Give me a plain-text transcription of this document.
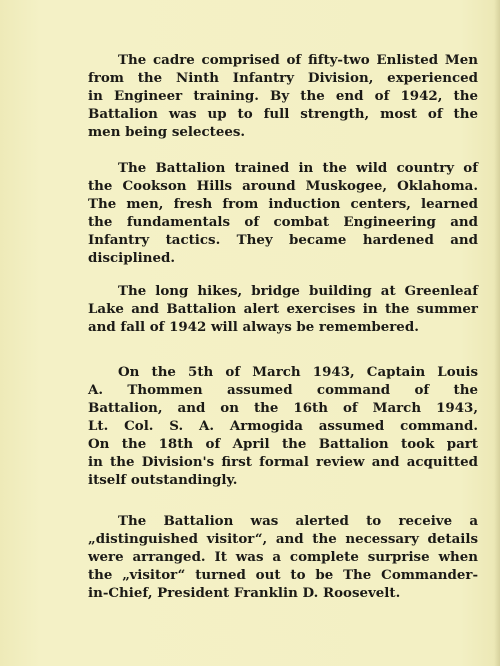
The cadre comprised of fifty-two Enlisted Men
from the Ninth Infantry Division, experienced
in Engineer training. By the end of 1942, the
Battalion was up to full strength, most of the
men being selectees.
The Battalion trained in the wild country of
the Cookson Hills around Muskogee, Oklahoma.
The men, fresh from induction centers, learned
the fundamentals of combat Engineering and
Infantry tactics. They became hardened and
disciplined.
The long hikes, bridge building at Greenleaf
Lake and Battalion alert exercises in the summer
and fall of 1942 will always be remembered.
On the 5th of March 1943, Captain Louis
A. Thommen assumed command of the
Battalion, and on the 16th of March 1943,
Lt. Col. S. A. Armogida assumed command.
On the 18th of April the Battalion took part
in the Division's first formal review and acquitted
itself outstandingly.
The Battalion was alerted to receive a
„distinguished visitor“, and the necessary details
were arranged. It was a complete surprise when
the „visitor“ turned out to be The Commander-
in-Chief, President Franklin D. Roosevelt.
